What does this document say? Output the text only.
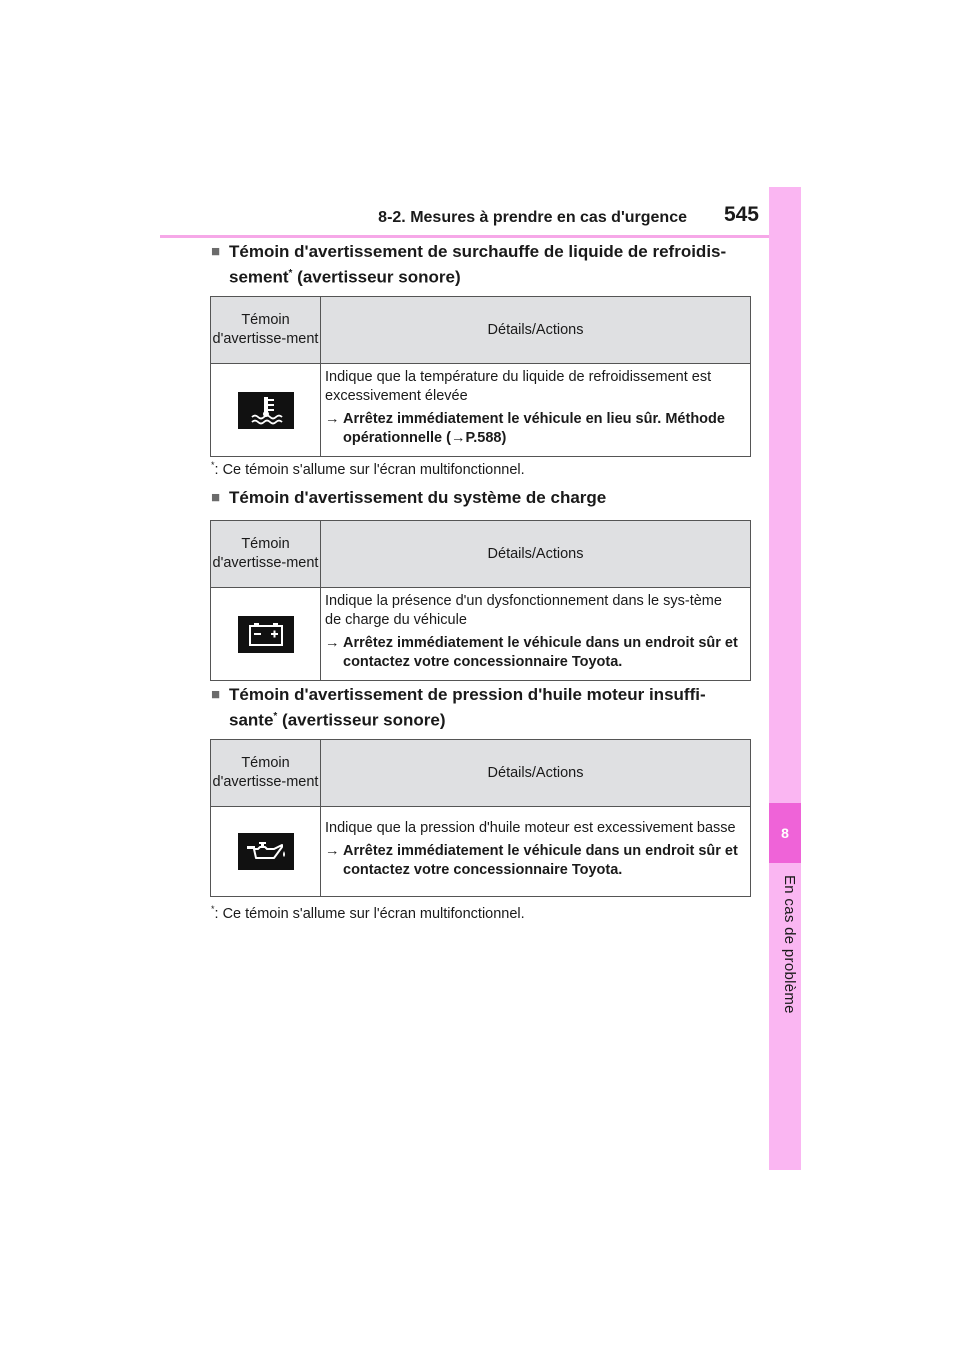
8-2. Mesures à prendre en cas d'urgence 545
8
En cas de problème
■ Témoin d'avertissement de surchauffe de liquide de refroidis-sement* (avertisseur sonore)
Témoin d'avertisse-ment	Détails/Actions

Indique que la température du liquide de refroidissement est excessivement élevée
→ Arrêtez immédiatement le véhicule en lieu sûr. Méthode opérationnelle (→P.588)
*: Ce témoin s'allume sur l'écran multifonctionnel.
■ Témoin d'avertissement du système de charge
Témoin d'avertisse-ment	Détails/Actions

Indique la présence d'un dysfonctionnement dans le sys-tème de charge du véhicule
→ Arrêtez immédiatement le véhicule dans un endroit sûr et contactez votre concessionnaire Toyota.
■ Témoin d'avertissement de pression d'huile moteur insuffi-sante* (avertisseur sonore)
Témoin d'avertisse-ment	Détails/Actions

Indique que la pression d'huile moteur est excessivement basse
→ Arrêtez immédiatement le véhicule dans un endroit sûr et contactez votre concessionnaire Toyota.
*: Ce témoin s'allume sur l'écran multifonctionnel.
